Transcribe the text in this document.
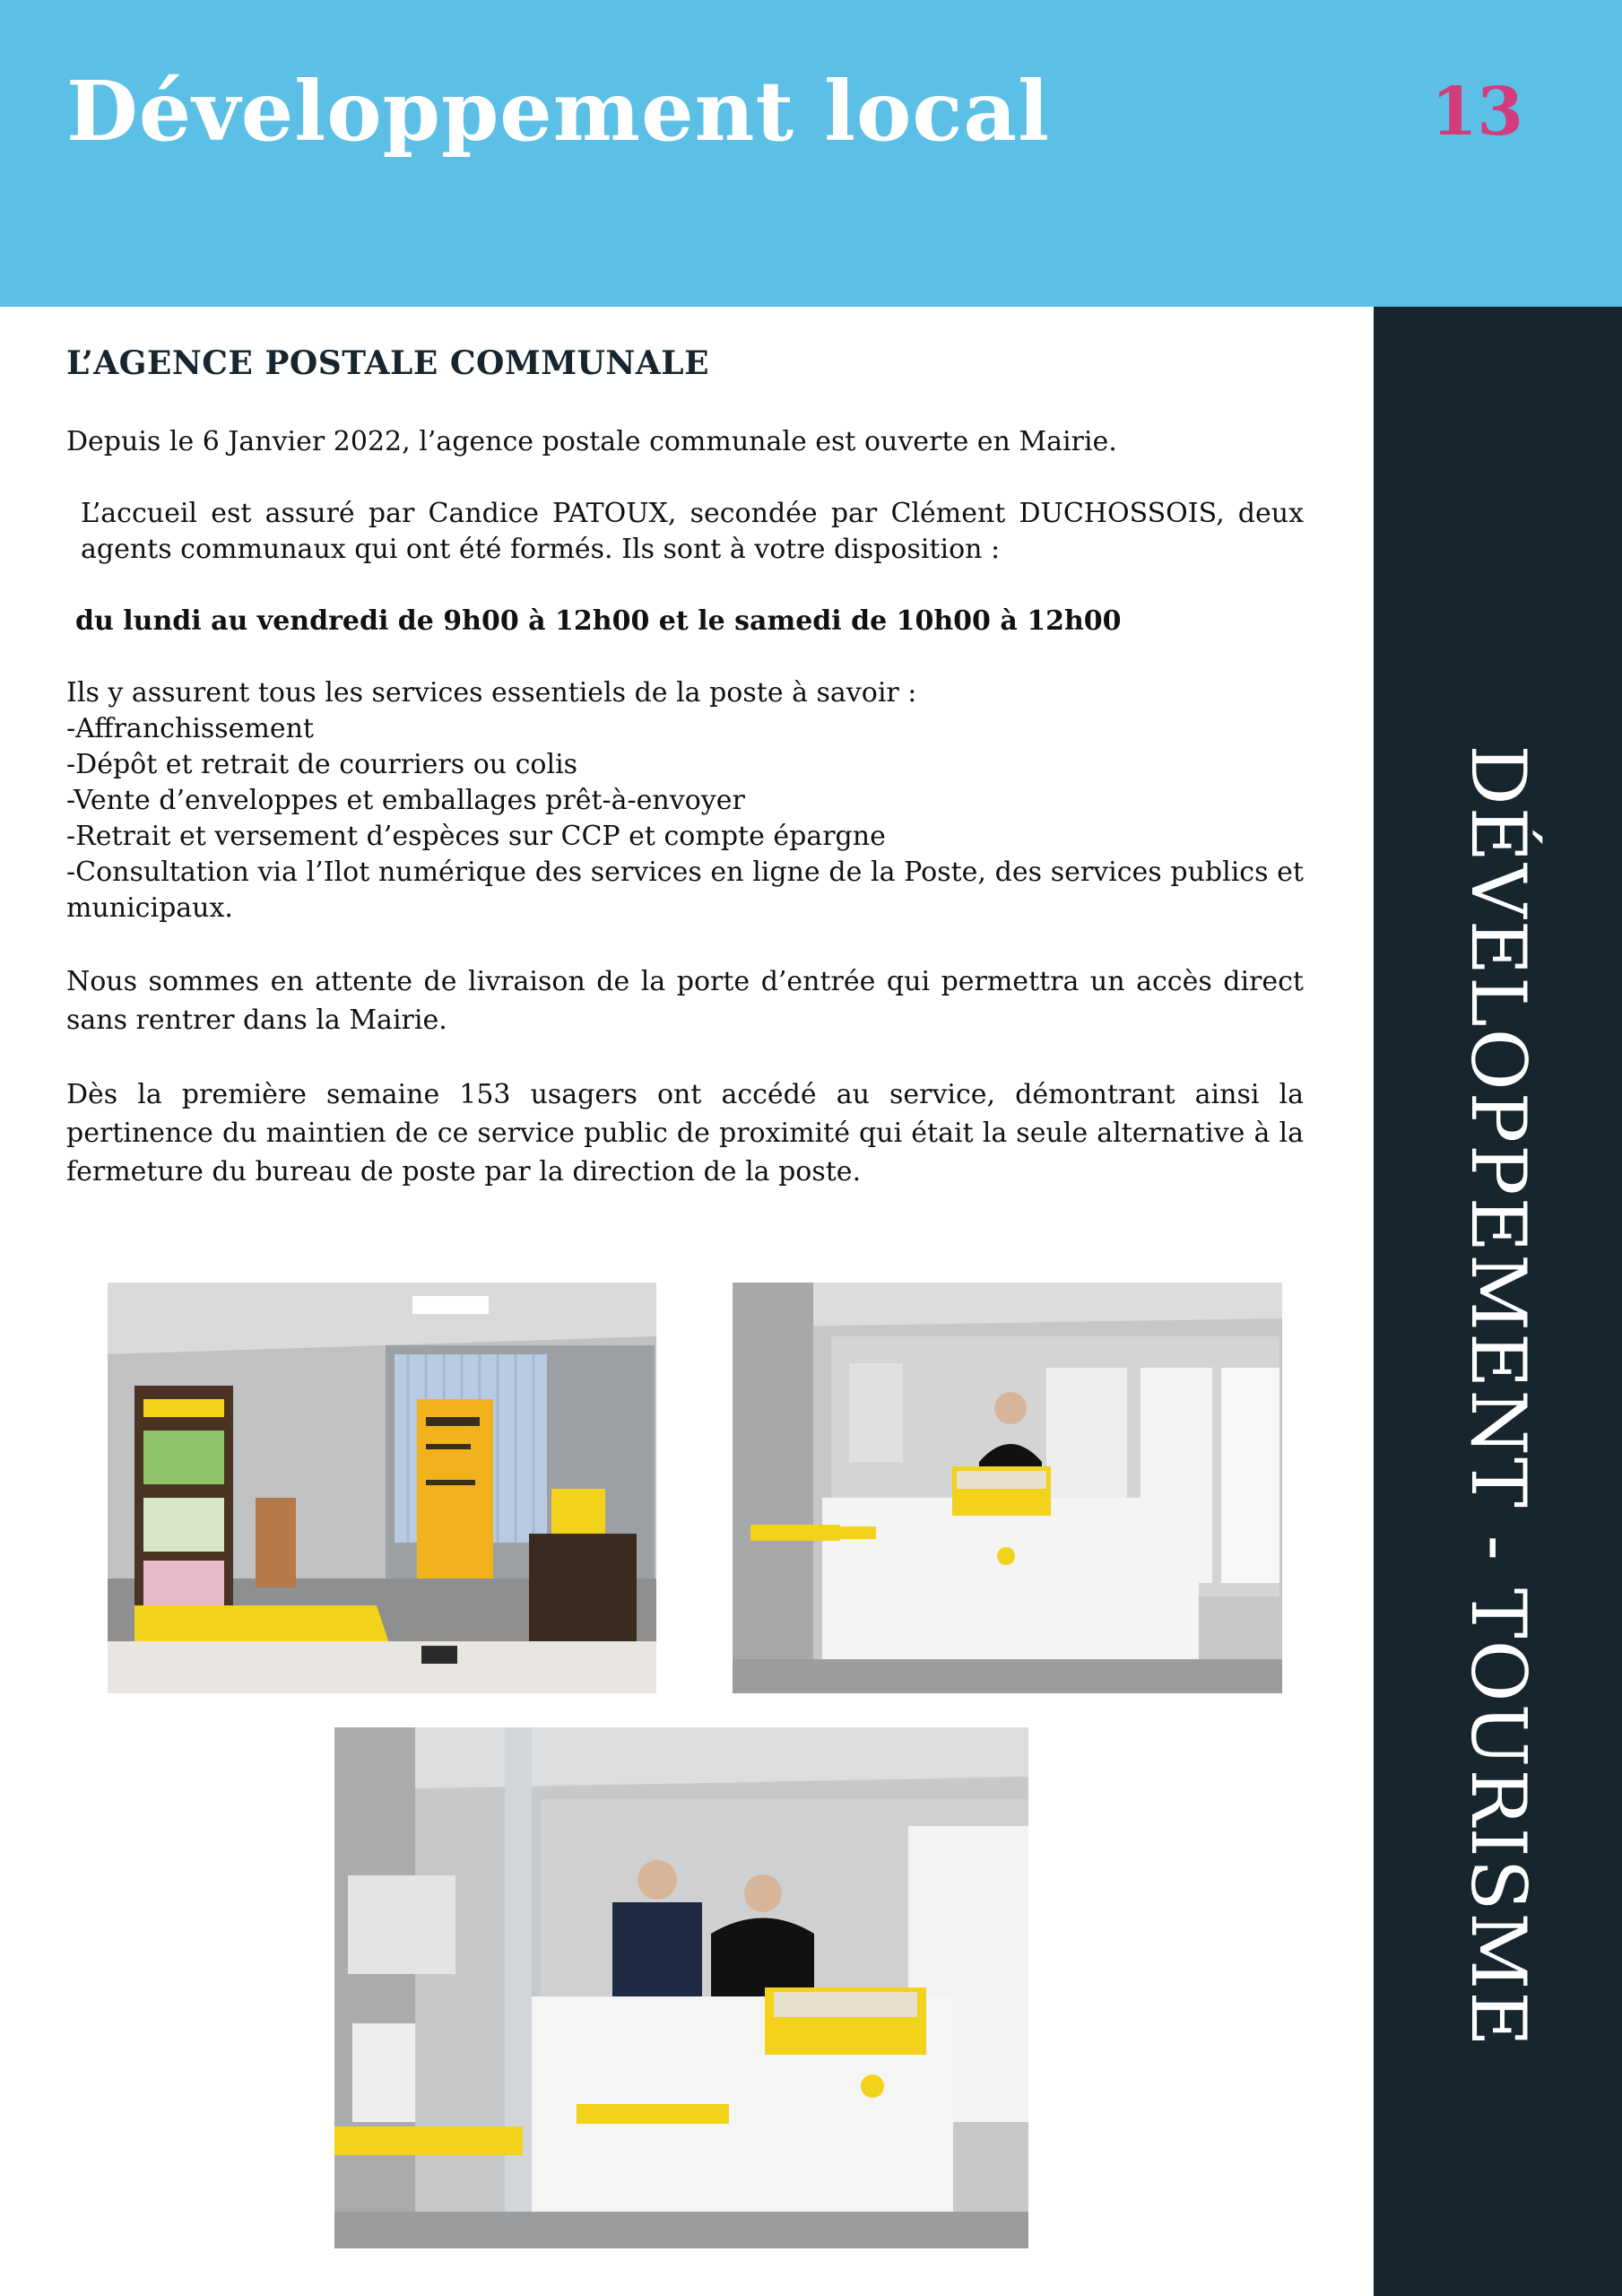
Développement local	13
DÉVELOPPEMENT - TOURISME
L’AGENCE POSTALE COMMUNALE

Depuis le 6 Janvier 2022, l’agence postale communale est ouverte en Mairie.

L’accueil est assuré par Candice PATOUX, secondée par Clément DUCHOSSOIS, deux agents communaux qui ont été formés. Ils sont à votre disposition :

du lundi au vendredi de 9h00 à 12h00 et le samedi de 10h00 à 12h00

Ils y assurent tous les services essentiels de la poste à savoir :

-Affranchissement

-Dépôt et retrait de courriers ou colis

-Vente d’enveloppes et emballages prêt-à-envoyer

-Retrait et versement d’espèces sur CCP et compte épargne

-Consultation via l’Ilot numérique des services en ligne de la Poste, des services publics et municipaux.

Nous sommes en attente de livraison de la porte d’entrée qui permettra un accès direct sans rentrer dans la Mairie.

Dès la première semaine 153 usagers ont accédé au service, démontrant ainsi la pertinence du maintien de ce service public de proximité qui était la seule alternative à la fermeture du bureau de poste par la direction de la poste.
